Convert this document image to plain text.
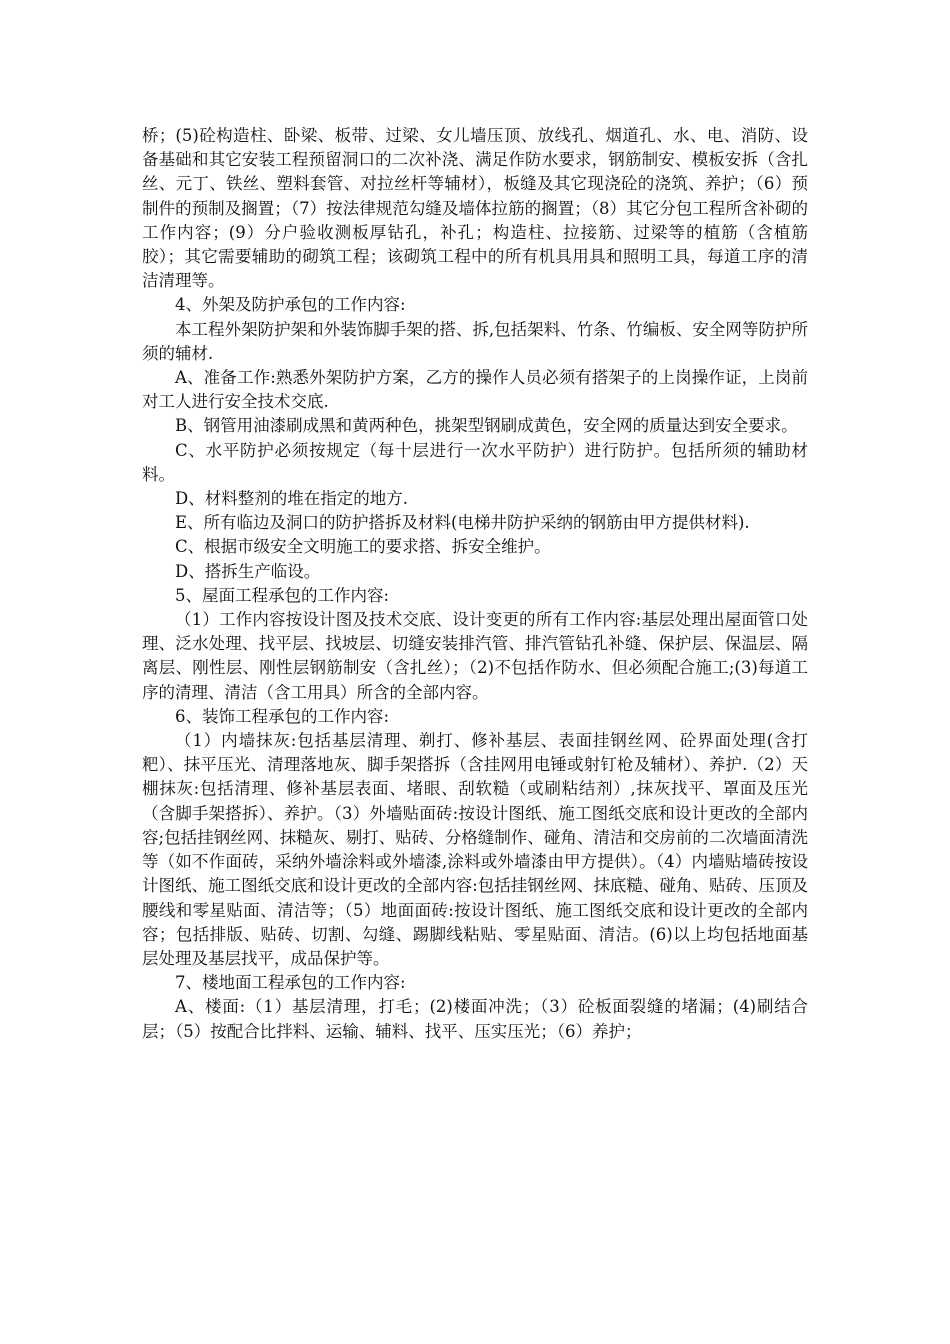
桥；(5)砼构造柱、卧梁、板带、过梁、女儿墙压顶、放线孔、烟道孔、水、电、消防、设备基础和其它安装工程预留洞口的二次补浇、满足作防水要求，钢筋制安、模板安拆（含扎丝、元丁、铁丝、塑料套管、对拉丝杆等辅材），板缝及其它现浇砼的浇筑、养护；（6）预制件的预制及搁置；（7）按法律规范勾缝及墙体拉筋的搁置；（8）其它分包工程所含补砌的工作内容；(9）分户验收测板厚钻孔，补孔；构造柱、拉接筋、过梁等的植筋（含植筋胶）；其它需要辅助的砌筑工程；该砌筑工程中的所有机具用具和照明工具，每道工序的清洁清理等。

4、外架及防护承包的工作内容:

本工程外架防护架和外装饰脚手架的搭、拆,包括架料、竹条、竹编板、安全网等防护所须的辅材.

A、准备工作:熟悉外架防护方案，乙方的操作人员必须有搭架子的上岗操作证，上岗前对工人进行安全技术交底.

B、钢管用油漆刷成黑和黄两种色，挑架型钢刷成黄色，安全网的质量达到安全要求。

C、水平防护必须按规定（每十层进行一次水平防护）进行防护。包括所须的辅助材料。

D、材料整剂的堆在指定的地方.

E、所有临边及洞口的防护搭拆及材料(电梯井防护采纳的钢筋由甲方提供材料).

C、根据市级安全文明施工的要求搭、拆安全维护。

D、搭拆生产临设。

5、屋面工程承包的工作内容:

（1）工作内容按设计图及技术交底、设计变更的所有工作内容:基层处理出屋面管口处理、泛水处理、找平层、找坡层、切缝安装排汽管、排汽管钻孔补缝、保护层、保温层、隔离层、刚性层、刚性层钢筋制安（含扎丝）；（2)不包括作防水、但必须配合施工;(3)每道工序的清理、清洁（含工用具）所含的全部内容。

6、装饰工程承包的工作内容:

（1）内墙抹灰:包括基层清理、剃打、修补基层、表面挂钢丝网、砼界面处理(含打粑）、抹平压光、清理落地灰、脚手架搭拆（含挂网用电锤或射钉枪及辅材）、养护.（2）天棚抹灰:包括清理、修补基层表面、堵眼、刮软糙（或刷粘结剂）,抹灰找平、罩面及压光（含脚手架搭拆）、养护。（3）外墙贴面砖:按设计图纸、施工图纸交底和设计更改的全部内容;包括挂钢丝网、抹糙灰、剔打、贴砖、分格缝制作、碰角、清洁和交房前的二次墙面清洗等（如不作面砖，采纳外墙涂料或外墙漆,涂料或外墙漆由甲方提供）。（4）内墙贴墙砖按设计图纸、施工图纸交底和设计更改的全部内容:包括挂钢丝网、抹底糙、碰角、贴砖、压顶及腰线和零星贴面、清洁等；（5）地面面砖:按设计图纸、施工图纸交底和设计更改的全部内容；包括排版、贴砖、切割、勾缝、踢脚线粘贴、零星贴面、清洁。(6)以上均包括地面基层处理及基层找平，成品保护等。

7、楼地面工程承包的工作内容:

A、楼面:（1）基层清理，打毛；(2)楼面冲洗；（3）砼板面裂缝的堵漏；(4)刷结合层；（5）按配合比拌料、运输、辅料、找平、压实压光；（6）养护；
